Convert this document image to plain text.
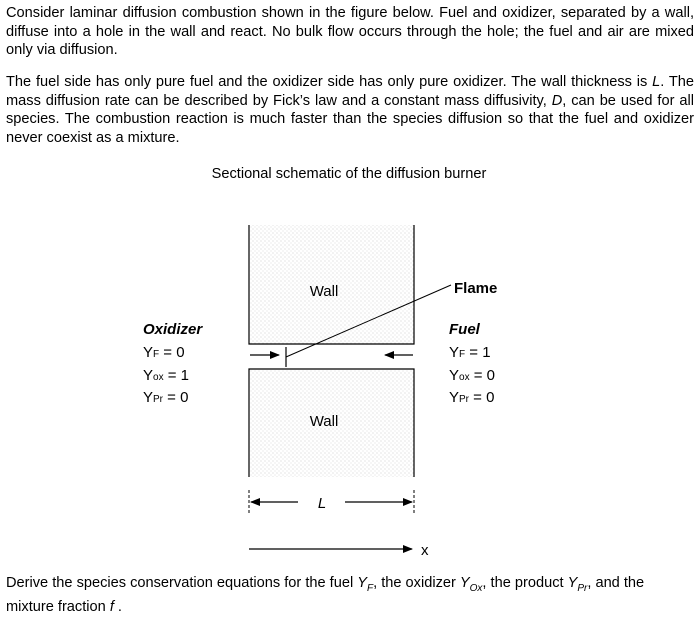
Consider laminar diffusion combustion shown in the figure below. Fuel and oxidizer, separated by a wall, diffuse into a hole in the wall and react. No bulk flow occurs through the hole; the fuel and air are mixed only via diffusion.

The fuel side has only pure fuel and the oxidizer side has only pure oxidizer. The wall thickness is L. The mass diffusion rate can be described by Fick’s law and a constant mass diffusivity, D, can be used for all species. The combustion reaction is much faster than the species diffusion so that the fuel and oxidizer never coexist as a mixture.

Sectional schematic of the diffusion burner
Wall
Wall
Flame
Oxidizer
YF = 0
Yox = 1
YPr = 0
Fuel
YF = 1
Yox = 0
YPr = 0
L
x

Derive the species conservation equations for the fuel $Y_F$, the oxidizer $Y_{Ox}$, the product $Y_{Pr}$, and the mixture fraction f .
